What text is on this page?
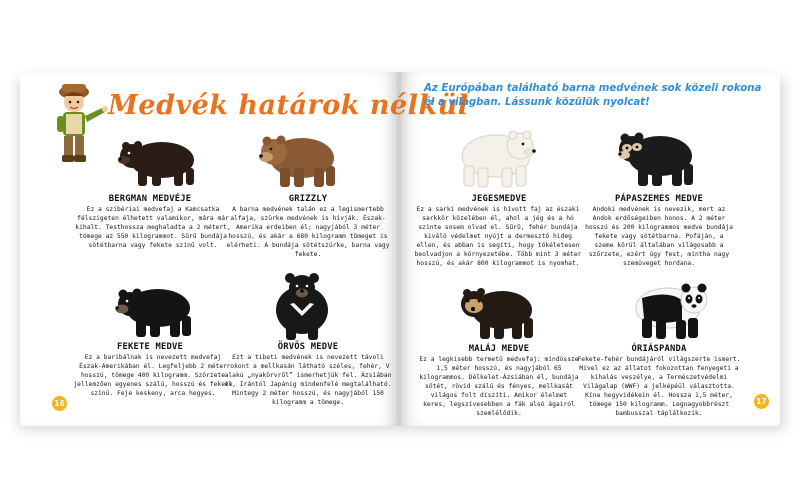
Medvék határok nélkül
Az Európában található barna medvének sok közeli rokona él a világban. Lássunk közülük nyolcat!
BERGMAN MEDVÉJE
Ez a szibériai medvefaj a Kamcsatka félszigeten élhetett valamikor, mára már kihalt. Testhossza meghaladta a 2 métert, tömege az 550 kilogrammot. Sűrű bundája sötétbarna vagy fekete színű volt.
GRIZZLY
A barna medvének talán ez a legismertebb alfaja, szürke medvének is hívják. Észak-Amerika erdeiben él; nagyjából 3 méter hosszú, és akár a 680 kilogramm tömeget is elérheti. A bundája sötétszürke, barna vagy fekete.
FEKETE MEDVE
Ez a baribálnak is nevezett medvefaj Észak-Amerikában él. Legfeljebb 2 méter hosszú, tömege 400 kilogramm. Szőrzete jellemzően egyenes szálú, hosszú és fekete színű. Feje keskeny, arca hegyes.
ÖRVÖS MEDVE
Ezt a tibeti medvének is nevezett távoli rokont a mellkasán látható széles, fehér, V alakú „nyakörvről” ismerhetjük fel. Ázsiában él, Irántól Japánig mindenfelé megtalálható. Mintegy 2 méter hosszú, és nagyjából 150 kilogramm a tömege.
JEGESMEDVE
Ez a sarki medvének is hívott faj az északi sarkkör közelében él, ahol a jég és a hó szinte sosem olvad el. Sűrű, fehér bundája kiváló védelmet nyújt a dermesztő hideg ellen, és abban is segíti, hogy tökéletesen beolvadjon a környezetébe. Több mint 3 méter hosszú, és akár 800 kilogrammot is nyomhat.
PÁPASZEMES MEDVE
Andoki medvének is nevezik, mert az Andok erdőségeiben honos. A 2 méter hosszú és 200 kilogrammos medve bundája fekete vagy sötétbarna. Pofáján, a szeme körül általában világosabb a szőrzete, ezért úgy fest, mintha nagy szemüveget hordana.
MALÁJ MEDVE
Ez a legkisebb termetű medvefaj: mindössze 1,5 méter hosszú, és nagyjából 65 kilogrammos. Délkelet-Ázsiában él, bundája sötét, rövid szálú és fényes, mellkasát világos folt díszíti. Amikor élelmet keres, legszívesebben a fák alsó ágairól szemlélődik.
ÓRIÁSPANDA
Fekete-fehér bundájáról világszerte ismert. Mivel ez az állatot fokozottan fenyegeti a kihalás veszélye, a Természetvédelmi Világalap (WWF) a jelképéül választotta. Kína hegyvidékein él. Hossza 1,5 méter, tömege 150 kilogramm. Legnagyobbrészt bambusszal táplálkozik.
16	17
